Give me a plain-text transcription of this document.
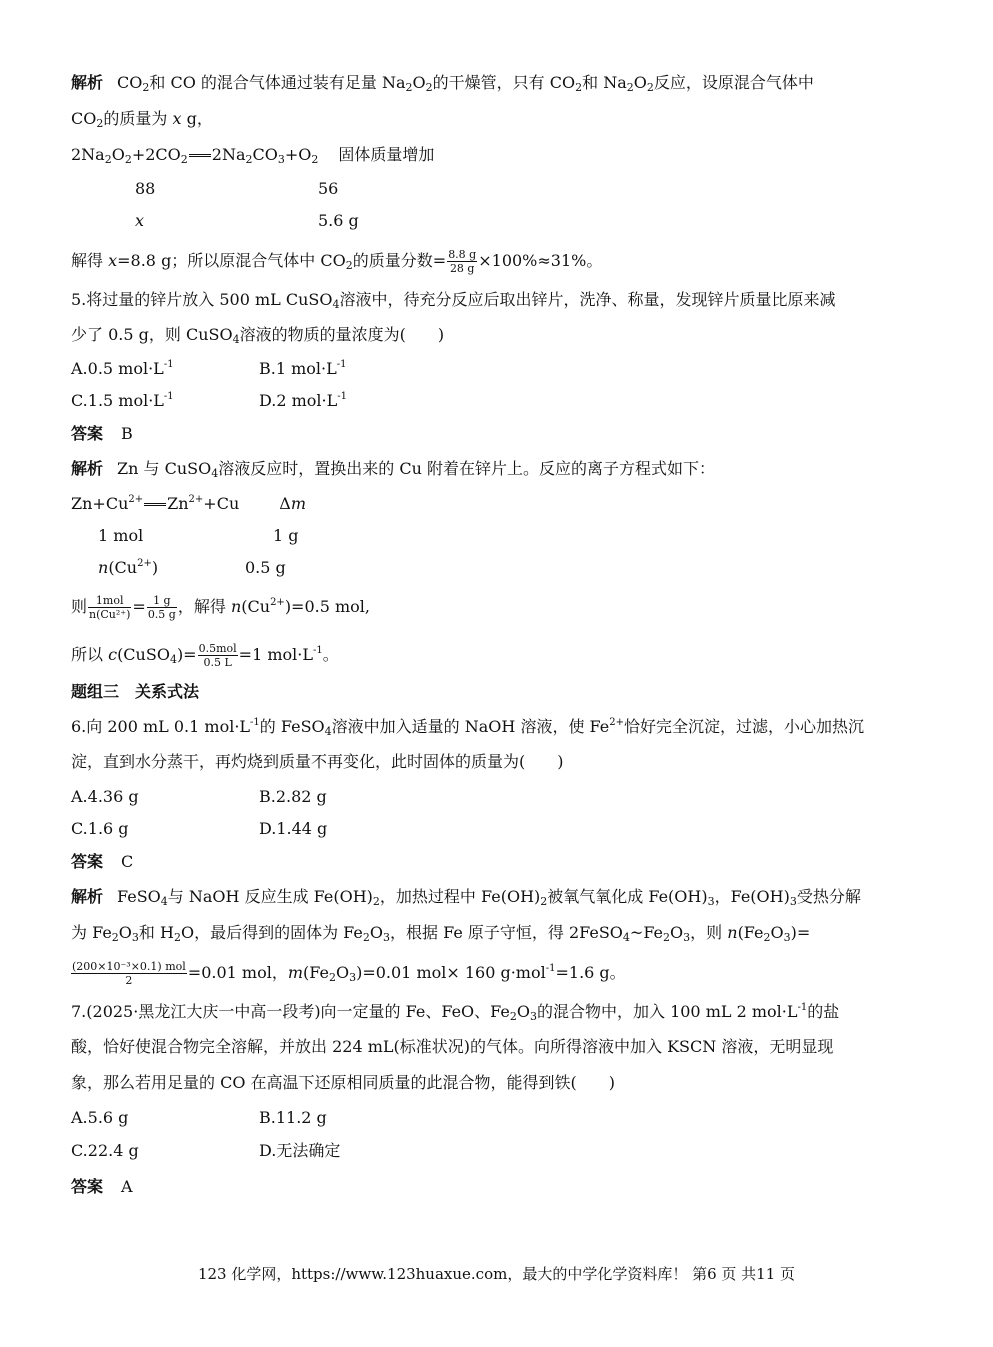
解析 $CO_2$和 CO 的混合气体通过装有足量 $Na_2O_2$的干燥管，只有 $CO_2$和 $Na_2O_2$反应，设原混合气体中
$CO_2$的质量为 x g，
$2Na_2O_2+2CO_2$ $2Na_2CO_3+O_2$ 固体质量增加
88	56
x	5.6 g
解得 x=8.8 g；所以原混合气体中 $CO_2$的质量分数= $\frac{8.8 g}{28 g} \times 100\%\approx 31\%$。
5.将过量的锌片放入 500 mL CuSO$_4$溶液中，待充分反应后取出锌片，洗净、称量，发现锌片质量比原来减
少了 0.5 g，则 CuSO$_4$溶液的物质的量浓度为(　　)
A.0.5 $mol\cdot L^{-1}$	B.1 $mol\cdot L^{-1}$
C.1.5 $mol\cdot L^{-1}$	D.2 $mol\cdot L^{-1}$
答案 B
解析 Zn 与 CuSO$_4$溶液反应时，置换出来的 Cu 附着在锌片上。反应的离子方程式如下：
$Zn+Cu^{2+}$ $Zn^{2+}+Cu$	Δm
1 mol	1 g
$n(Cu^{2+})$	0.5 g
则 $\frac{\text{1mol}}{\text{n(Cu²⁺)}} = \frac{1 g}{0.5 g}$ ，解得 $n(Cu^{2+})=0.5$ mol,
所以 c(CuSO$_4$)= $\frac{\text{0.5mol}}{0.5 L} =1$ $mol\cdot L^{-1}$。
题组三　关系式法
6.向 200 mL 0.1 $mol\cdot L^{-1}$的 FeSO$_4$溶液中加入适量的 NaOH 溶液，使 $Fe^{2+}$恰好完全沉淀，过滤，小心加热沉
淀，直到水分蒸干，再灼烧到质量不再变化，此时固体的质量为(　　)
A.4.36 g	B.2.82 g
C.1.6 g	D.1.44 g
答案 C
解析 FeSO$_4$与 NaOH 反应生成 $Fe(OH)_2$，加热过程中 $Fe(OH)_2$被氧气氧化成 $Fe(OH)_3$，$Fe(OH)_3$受热分解
为 $Fe_2O_3$和 $H_2O$，最后得到的固体为 $Fe_2O_3$，根据 Fe 原子守恒，得 $2FeSO_4\sim Fe_2O_3$，则 $n(Fe_2O_3)=$
$\frac{\text{(200×10⁻³×0.1) mol}}{2} =0.01$ mol，$m(Fe_2O_3)=0.01$ mol× 160 g·mol$^{-1}$=1.6 g。
7.(2025·黑龙江大庆一中高一段考)向一定量的 Fe、FeO、$Fe_2O_3$的混合物中，加入 100 mL 2 $mol\cdot L^{-1}$的盐
酸，恰好使混合物完全溶解，并放出 224 mL(标准状况)的气体。向所得溶液中加入 KSCN 溶液，无明显现
象，那么若用足量的 CO 在高温下还原相同质量的此混合物，能得到铁(　　)
A.5.6 g	B.11.2 g
C.22.4 g	D.无法确定
答案 A
123 化学网，https://www.123huaxue.com，最大的中学化学资料库！ 第6 页 共11 页
